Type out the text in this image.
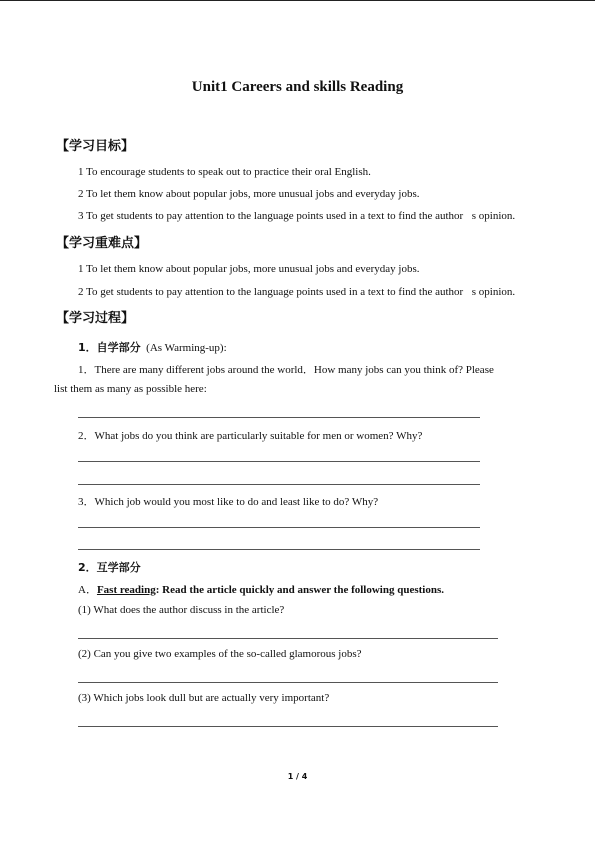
Unit1 Careers and skills Reading
【学习目标】
1 To encourage students to speak out to practice their oral English.
2 To let them know about popular jobs, more unusual jobs and everyday jobs.
3 To get students to pay attention to the language points used in a text to find the author s opinion.
【学习重难点】
1 To let them know about popular jobs, more unusual jobs and everyday jobs.
2 To get students to pay attention to the language points used in a text to find the author s opinion.
【学习过程】
1．自学部分 (As Warming-up):
1．There are many different jobs around the world．How many jobs can you think of? Please
list them as many as possible here:
2．What jobs do you think are particularly suitable for men or women? Why?
3．Which job would you most like to do and least like to do? Why?
2．互学部分
A．Fast reading: Read the article quickly and answer the following questions.
(1) What does the author discuss in the article?
(2) Can you give two examples of the so-called glamorous jobs?
(3) Which jobs look dull but are actually very important?
1 / 4
